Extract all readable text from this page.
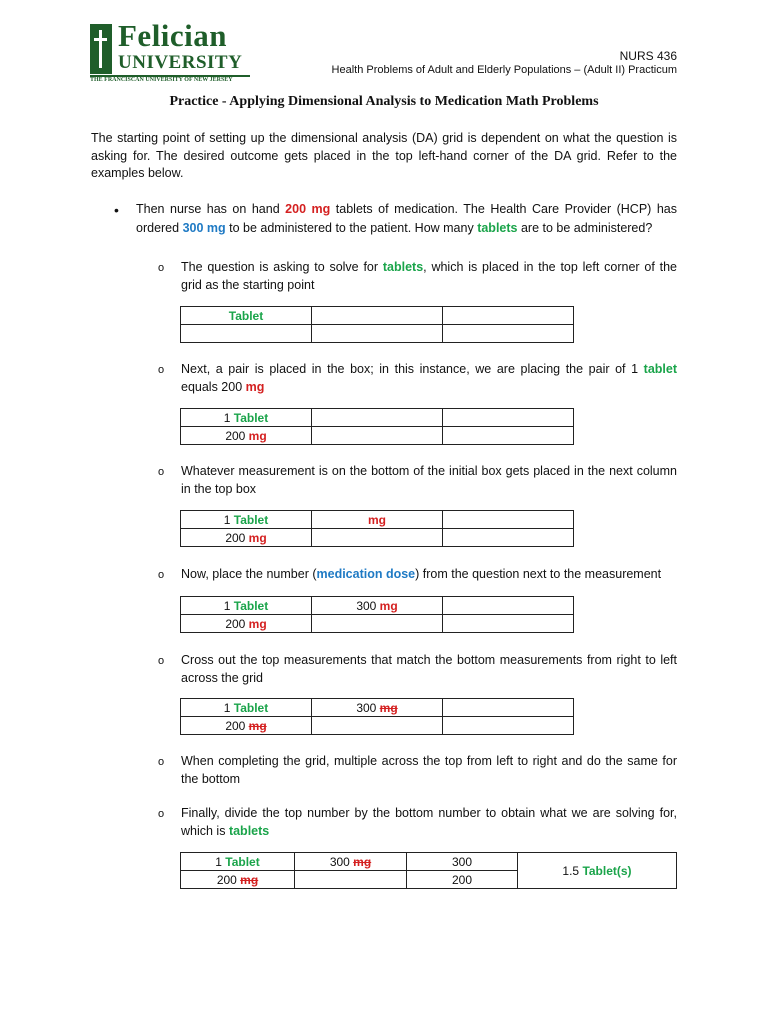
Felician
UNIVERSITY
THE FRANCISCAN UNIVERSITY OF NEW JERSEY
NURS 436
Health Problems of Adult and Elderly Populations – (Adult II) Practicum
Practice - Applying Dimensional Analysis to Medication Math Problems
The starting point of setting up the dimensional analysis (DA) grid is dependent on what the question is asking for. The desired outcome gets placed in the top left-hand corner of the DA grid. Refer to the examples below.
• Then nurse has on hand 200 mg tablets of medication. The Health Care Provider (HCP) has ordered 300 mg to be administered to the patient. How many tablets are to be administered?
o The question is asking to solve for tablets, which is placed in the top left corner of the grid as the starting point
Tablet		

o Next, a pair is placed in the box; in this instance, we are placing the pair of 1 tablet equals 200 mg
1 Tablet		
200 mg		
o Whatever measurement is on the bottom of the initial box gets placed in the next column in the top box
1 Tablet	mg	
200 mg		
o Now, place the number (medication dose) from the question next to the measurement
1 Tablet	300 mg	
200 mg		
o Cross out the top measurements that match the bottom measurements from right to left across the grid
1 Tablet	300 mg	
200 mg		
o When completing the grid, multiple across the top from left to right and do the same for the bottom
o Finally, divide the top number by the bottom number to obtain what we are solving for, which is tablets
1 Tablet	300 mg	300	1.5 Tablet(s)
200 mg		200	
